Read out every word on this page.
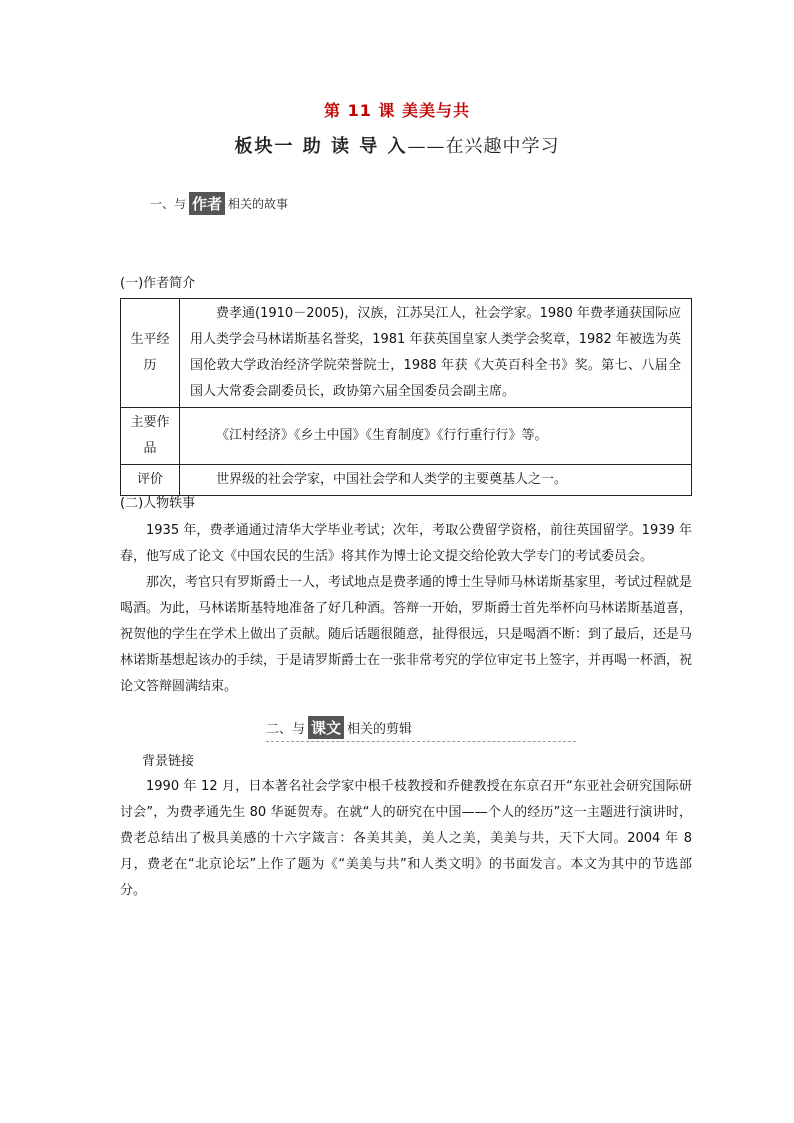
第 11 课 美美与共
板块一 助 读 导 入——在兴趣中学习
一、与 作者 相关的故事
(一)作者简介
生平经历	费孝通(1910－2005)，汉族，江苏吴江人，社会学家。1980 年费孝通获国际应用人类学会马林诺斯基名誉奖，1981 年获英国皇家人类学会奖章，1982 年被选为英国伦敦大学政治经济学院荣誉院士，1988 年获《大英百科全书》奖。第七、八届全国人大常委会副委员长，政协第六届全国委员会副主席。
主要作品	《江村经济》《乡土中国》《生育制度》《行行重行行》等。
评价	世界级的社会学家，中国社会学和人类学的主要奠基人之一。
(二)人物轶事

1935 年，费孝通通过清华大学毕业考试；次年，考取公费留学资格，前往英国留学。1939 年春，他写成了论文《中国农民的生活》将其作为博士论文提交给伦敦大学专门的考试委员会。

那次，考官只有罗斯爵士一人，考试地点是费孝通的博士生导师马林诺斯基家里，考试过程就是喝酒。为此，马林诺斯基特地准备了好几种酒。答辩一开始，罗斯爵士首先举杯向马林诺斯基道喜，祝贺他的学生在学术上做出了贡献。随后话题很随意，扯得很远，只是喝酒不断：到了最后，还是马林诺斯基想起该办的手续，于是请罗斯爵士在一张非常考究的学位审定书上签字，并再喝一杯酒，祝论文答辩圆满结束。

二、与 课文 相关的剪辑
背景链接

1990 年 12 月，日本著名社会学家中根千枝教授和乔健教授在东京召开“东亚社会研究国际研讨会”，为费孝通先生 80 华诞贺寿。在就“人的研究在中国——个人的经历”这一主题进行演讲时，费老总结出了极具美感的十六字箴言：各美其美，美人之美，美美与共，天下大同。2004 年 8 月，费老在“北京论坛”上作了题为《“美美与共”和人类文明》的书面发言。本文为其中的节选部分。
